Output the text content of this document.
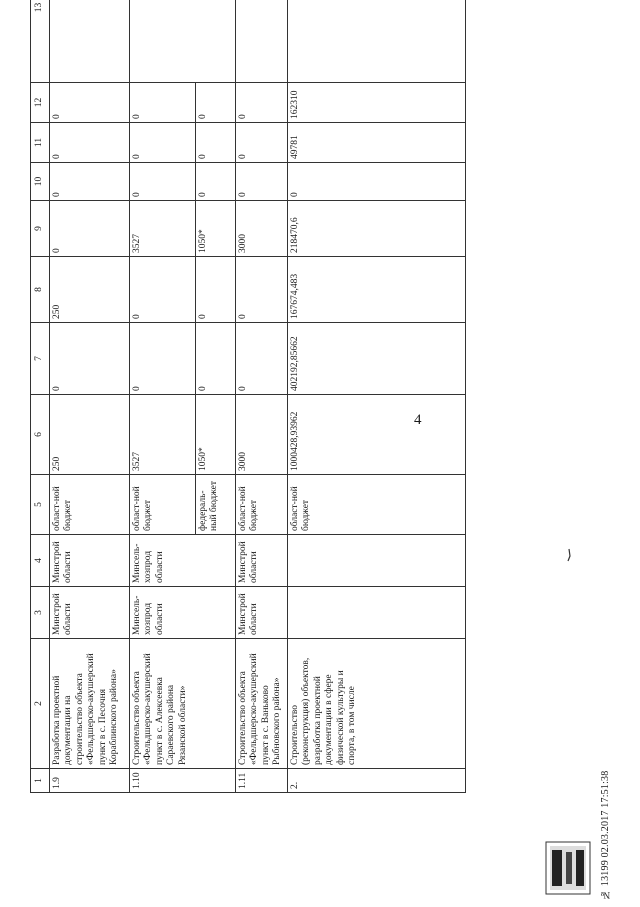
4
1	2	3	4	5	6	7	8	9	10	11	12	13
1.9	Разработка проектной документации на строительство объекта «Фельдшерско-акушерский пункт в с. Песочня Кораблинского района»	Минстрой области	Минстрой области	област-ной бюджет	250	0	250	0	0	0	0	
1.10	Строительство объекта «Фельдшерско-акушерский пункт в с. Алексеевка Сараевского района Рязанской области»	Минсель-хозпрод области	Минсель-хозпрод области	област-ной бюджет	3527	0	0	3527	0	0	0	
				федераль-ный бюджет	1050*	0	0	1050*	0	0	0	
1.11	Строительство объекта «Фельдшерско-акушерский пункт в с. Ваньково Рыбновского района»	Минстрой области	Минстрой области	област-ной бюджет	3000	0	0	3000	0	0	0	
2.	Строительство (реконструкция) объектов, разработка проектной документации в сфере физической культуры и спорта, в том числе			област-ной бюджет	1000428,93962	402192,85662	167674,483	218470,6	0	49781	162310	
№ 13199 02.03.2017 17:51:38
